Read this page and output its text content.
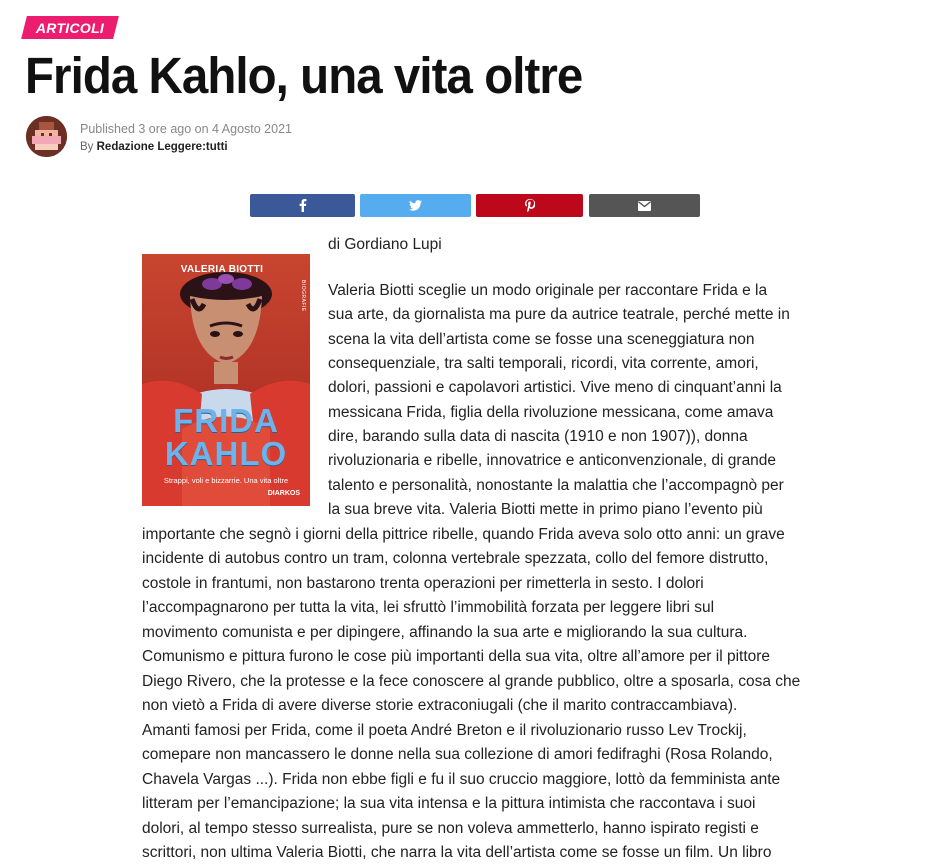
ARTICOLI
Frida Kahlo, una vita oltre
Published 3 ore ago on 4 Agosto 2021
By Redazione Leggere:tutti
di Gordiano Lupi
VALERIA BIOTTI
BIOGRAFIE
FRIDA
KAHLO
Strappi, voli e bizzarrie. Una vita oltre
DIARKOS
Valeria Biotti sceglie un modo originale per raccontare Frida e la
sua arte, da giornalista ma pure da autrice teatrale, perché mette in
scena la vita dell’artista come se fosse una sceneggiatura non
consequenziale, tra salti temporali, ricordi, vita corrente, amori,
dolori, passioni e capolavori artistici. Vive meno di cinquant’anni la
messicana Frida, figlia della rivoluzione messicana, come amava
dire, barando sulla data di nascita (1910 e non 1907)), donna
rivoluzionaria e ribelle, innovatrice e anticonvenzionale, di grande
talento e personalità, nonostante la malattia che l’accompagnò per
la sua breve vita. Valeria Biotti mette in primo piano l’evento più
importante che segnò i giorni della pittrice ribelle, quando Frida aveva solo otto anni: un grave
incidente di autobus contro un tram, colonna vertebrale spezzata, collo del femore distrutto,
costole in frantumi, non bastarono trenta operazioni per rimetterla in sesto. I dolori
l’accompagnarono per tutta la vita, lei sfruttò l’immobilità forzata per leggere libri sul
movimento comunista e per dipingere, affinando la sua arte e migliorando la sua cultura.
Comunismo e pittura furono le cose più importanti della sua vita, oltre all’amore per il pittore
Diego Rivero, che la protesse e la fece conoscere al grande pubblico, oltre a sposarla, cosa che
non vietò a Frida di avere diverse storie extraconiugali (che il marito contraccambiava).
Amanti famosi per Frida, come il poeta André Breton e il rivoluzionario russo Lev Trockij,
comepare non mancassero le donne nella sua collezione di amori fedifraghi (Rosa Rolando,
Chavela Vargas ...). Frida non ebbe figli e fu il suo cruccio maggiore, lottò da femminista ante
litteram per l’emancipazione; la sua vita intensa e la pittura intimista che raccontava i suoi
dolori, al tempo stesso surrealista, pure se non voleva ammetterlo, hanno ispirato registi e
scrittori, non ultima Valeria Biotti, che narra la vita dell’artista come se fosse un film. Un libro
